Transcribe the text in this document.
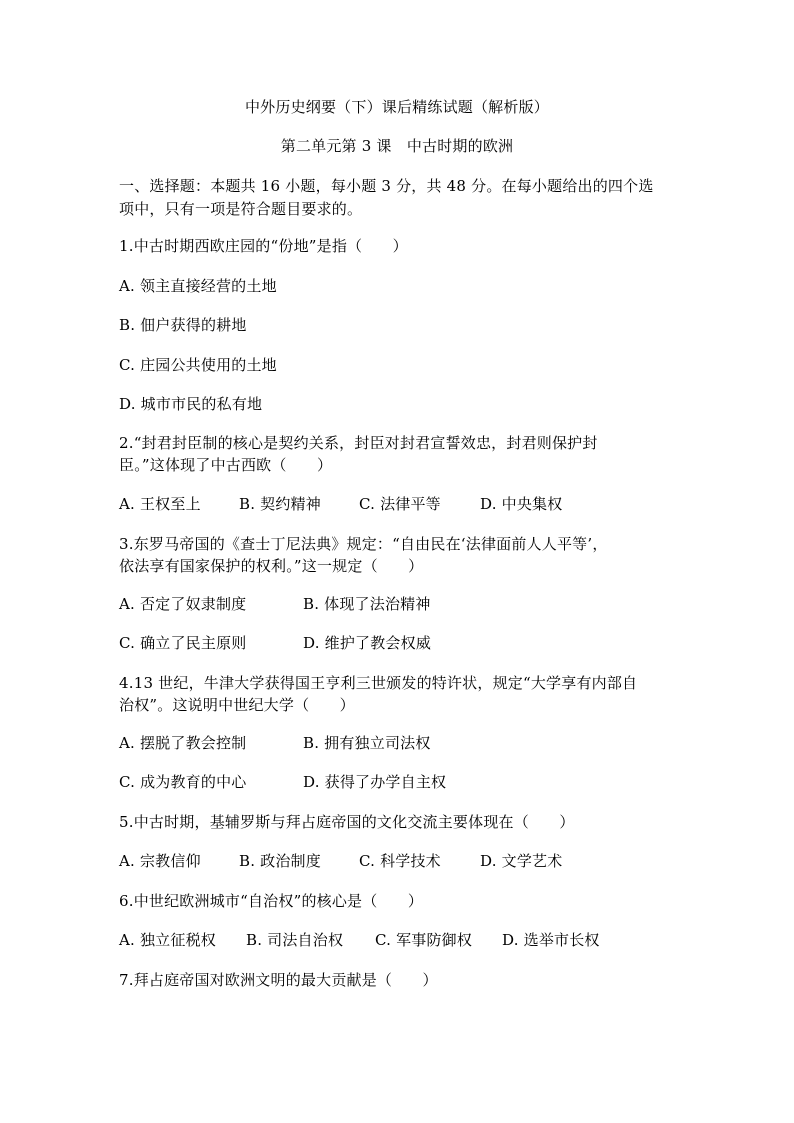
中外历史纲要（下）课后精练试题（解析版）
第二单元第 3 课　中古时期的欧洲
一、选择题：本题共 16 小题，每小题 3 分，共 48 分。在每小题给出的四个选
项中，只有一项是符合题目要求的。
1.中古时期西欧庄园的“份地”是指（　　）
A. 领主直接经营的土地
B. 佃户获得的耕地
C. 庄园公共使用的土地
D. 城市市民的私有地
2.“封君封臣制的核心是契约关系，封臣对封君宣誓效忠，封君则保护封
臣。”这体现了中古西欧（　　）
A. 王权至上	B. 契约精神	C. 法律平等	D. 中央集权
3.东罗马帝国的《查士丁尼法典》规定：“自由民在‘法律面前人人平等’，
依法享有国家保护的权利。”这一规定（　　）
A. 否定了奴隶制度	B. 体现了法治精神
C. 确立了民主原则	D. 维护了教会权威
4.13 世纪，牛津大学获得国王亨利三世颁发的特许状，规定“大学享有内部自
治权”。这说明中世纪大学（　　）
A. 摆脱了教会控制	B. 拥有独立司法权
C. 成为教育的中心	D. 获得了办学自主权
5.中古时期，基辅罗斯与拜占庭帝国的文化交流主要体现在（　　）
A. 宗教信仰	B. 政治制度	C. 科学技术	D. 文学艺术
6.中世纪欧洲城市“自治权”的核心是（　　）
A. 独立征税权 B. 司法自治权 C. 军事防御权 D. 选举市长权
7.拜占庭帝国对欧洲文明的最大贡献是（　　）
